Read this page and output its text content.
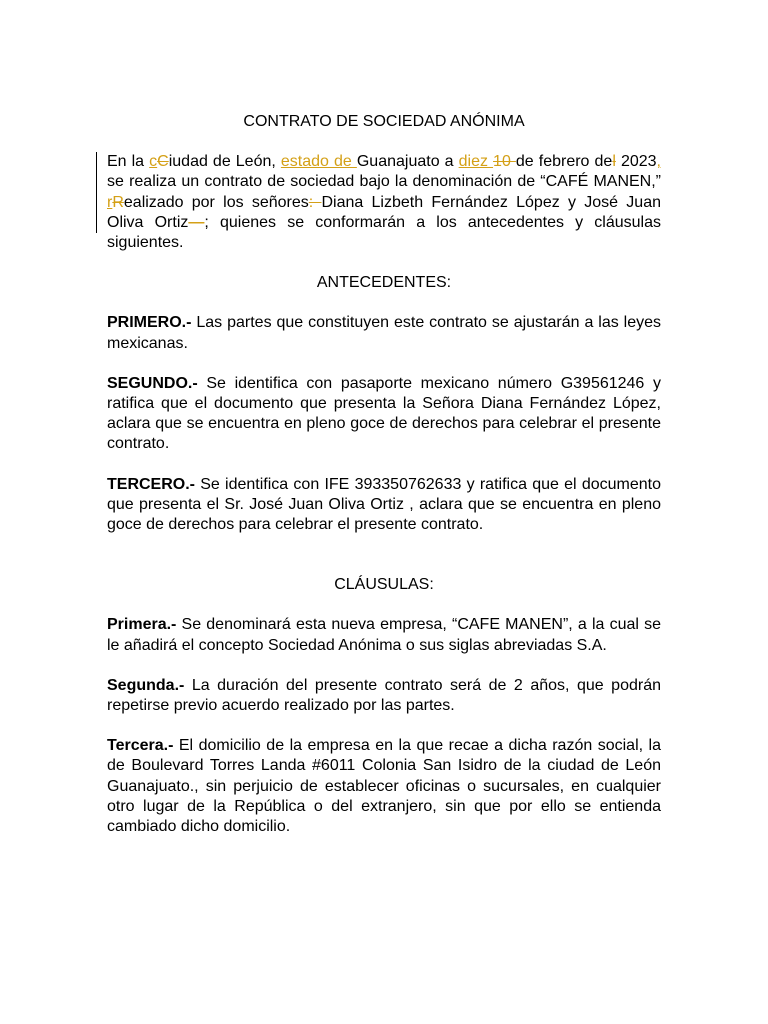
CONTRATO DE SOCIEDAD ANÓNIMA

En la cCiudad de León, estado de Guanajuato a diez 10 de febrero del 2023, se realiza un contrato de sociedad bajo la denominación de “CAFÉ MANEN,” rRealizado por los señores: Diana Lizbeth Fernández López y José Juan Oliva Ortiz—; quienes se conformarán a los antecedentes y cláusulas siguientes.

ANTECEDENTES:

PRIMERO.- Las partes que constituyen este contrato se ajustarán a las leyes mexicanas.

SEGUNDO.- Se identifica con pasaporte mexicano número G39561246 y ratifica que el documento que presenta la Señora Diana Fernández López, aclara que se encuentra en pleno goce de derechos para celebrar el presente contrato.

TERCERO.- Se identifica con IFE 393350762633 y ratifica que el documento que presenta el Sr. José Juan Oliva Ortiz , aclara que se encuentra en pleno goce de derechos para celebrar el presente contrato.

CLÁUSULAS:

Primera.- Se denominará esta nueva empresa, “CAFE MANEN”, a la cual se le añadirá el concepto Sociedad Anónima o sus siglas abreviadas S.A.

Segunda.- La duración del presente contrato será de 2 años, que podrán repetirse previo acuerdo realizado por las partes.

Tercera.- El domicilio de la empresa en la que recae a dicha razón social, la de Boulevard Torres Landa #6011 Colonia San Isidro de la ciudad de León Guanajuato., sin perjuicio de establecer oficinas o sucursales, en cualquier otro lugar de la República o del extranjero, sin que por ello se entienda cambiado dicho domicilio.
